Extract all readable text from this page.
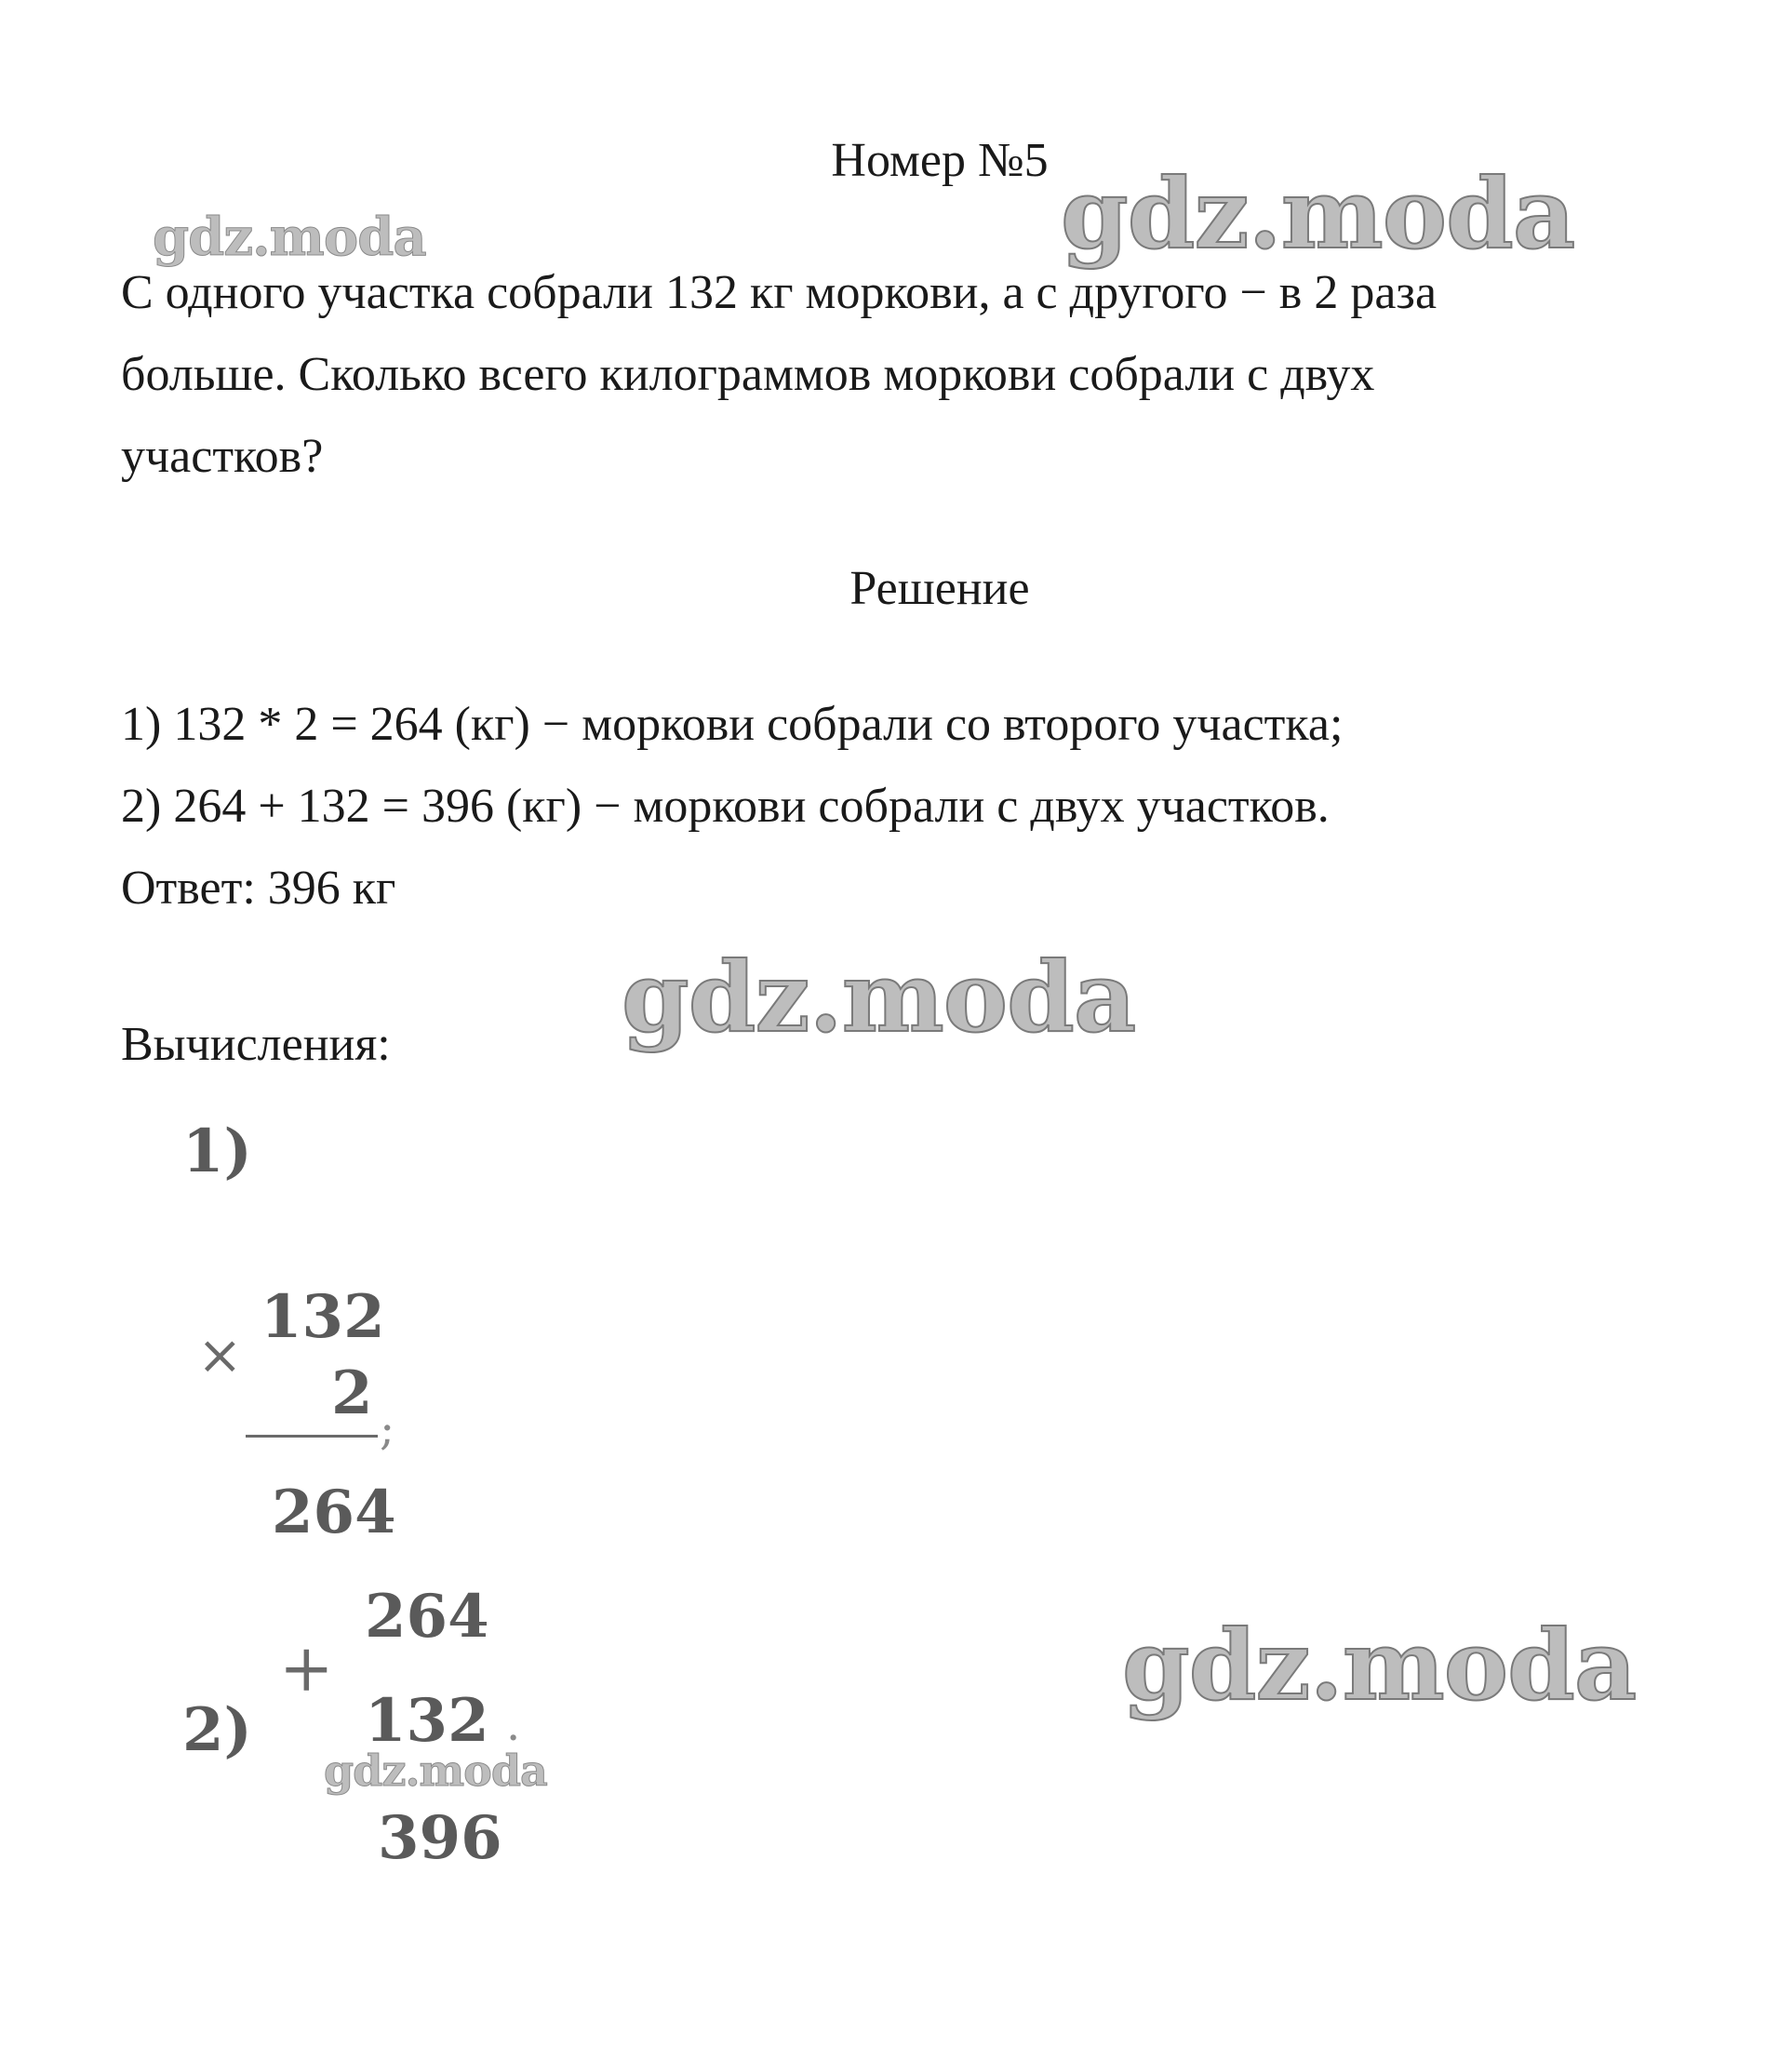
Номер №5
С одного участка собрали 132 кг моркови, а с другого − в 2 раза
больше. Сколько всего килограммов моркови собрали с двух
участков?
Решение
1) 132 * 2 = 264 (кг) − моркови собрали со второго участка;
2) 264 + 132 = 396 (кг) − моркови собрали с двух участков.
Ответ: 396 кг
Вычисления:
1)
×
132
2
;
264
2)
+
264
132 .
396
gdz.moda
gdz.moda
gdz.moda
gdz.moda
gdz.moda
